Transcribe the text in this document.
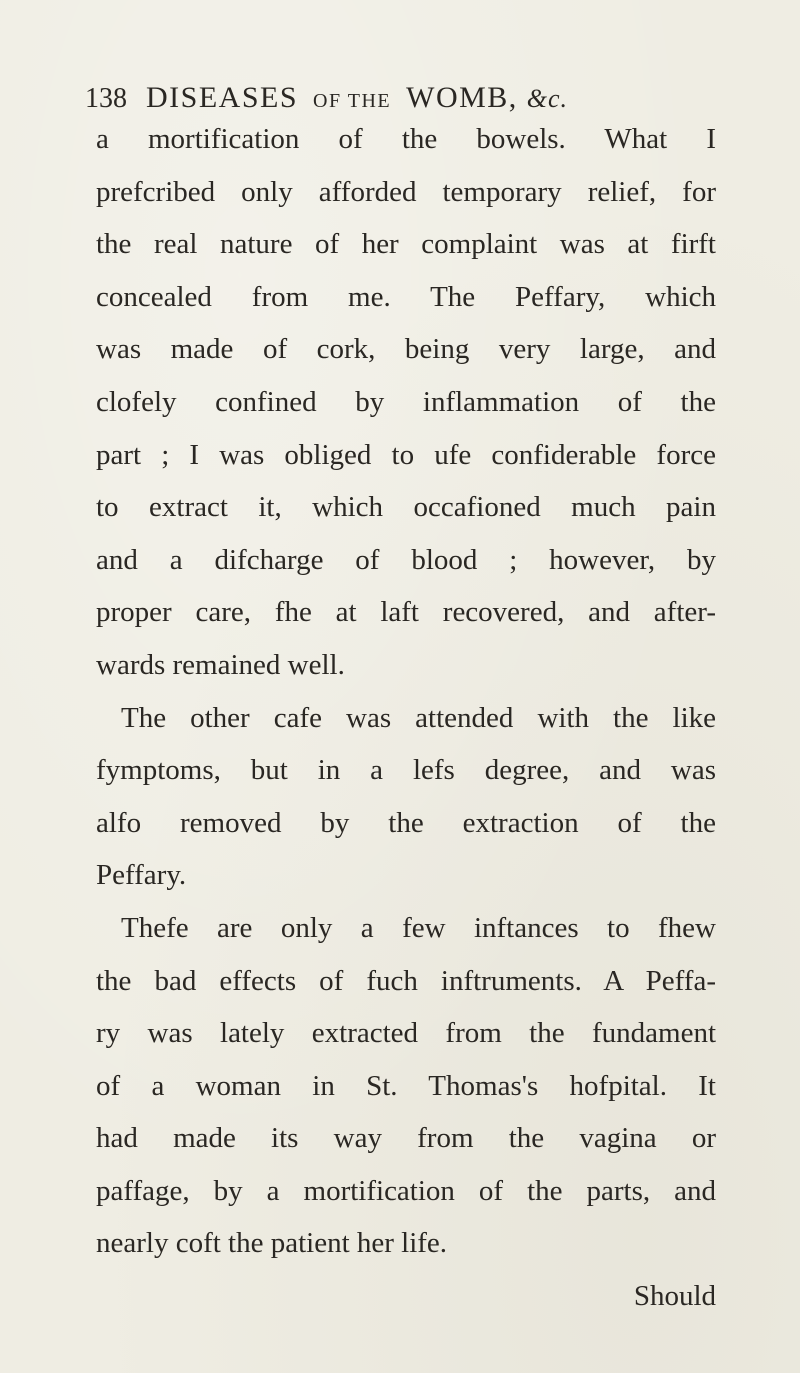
138 DISEASES OF THE WOMB, &c.
a mortification of the bowels. What I
prefcribed only afforded temporary relief, for
the real nature of her complaint was at firft
concealed from me. The Peffary, which
was made of cork, being very large, and
clofely confined by inflammation of the
part ; I was obliged to ufe confiderable force
to extract it, which occafioned much pain
and a difcharge of blood ; however, by
proper care, fhe at laft recovered, and after-
wards remained well.
The other cafe was attended with the like
fymptoms, but in a lefs degree, and was
alfo removed by the extraction of the
Peffary.
Thefe are only a few inftances to fhew
the bad effects of fuch inftruments. A Peffa-
ry was lately extracted from the fundament
of a woman in St. Thomas's hofpital. It
had made its way from the vagina or
paffage, by a mortification of the parts, and
nearly coft the patient her life.
Should
